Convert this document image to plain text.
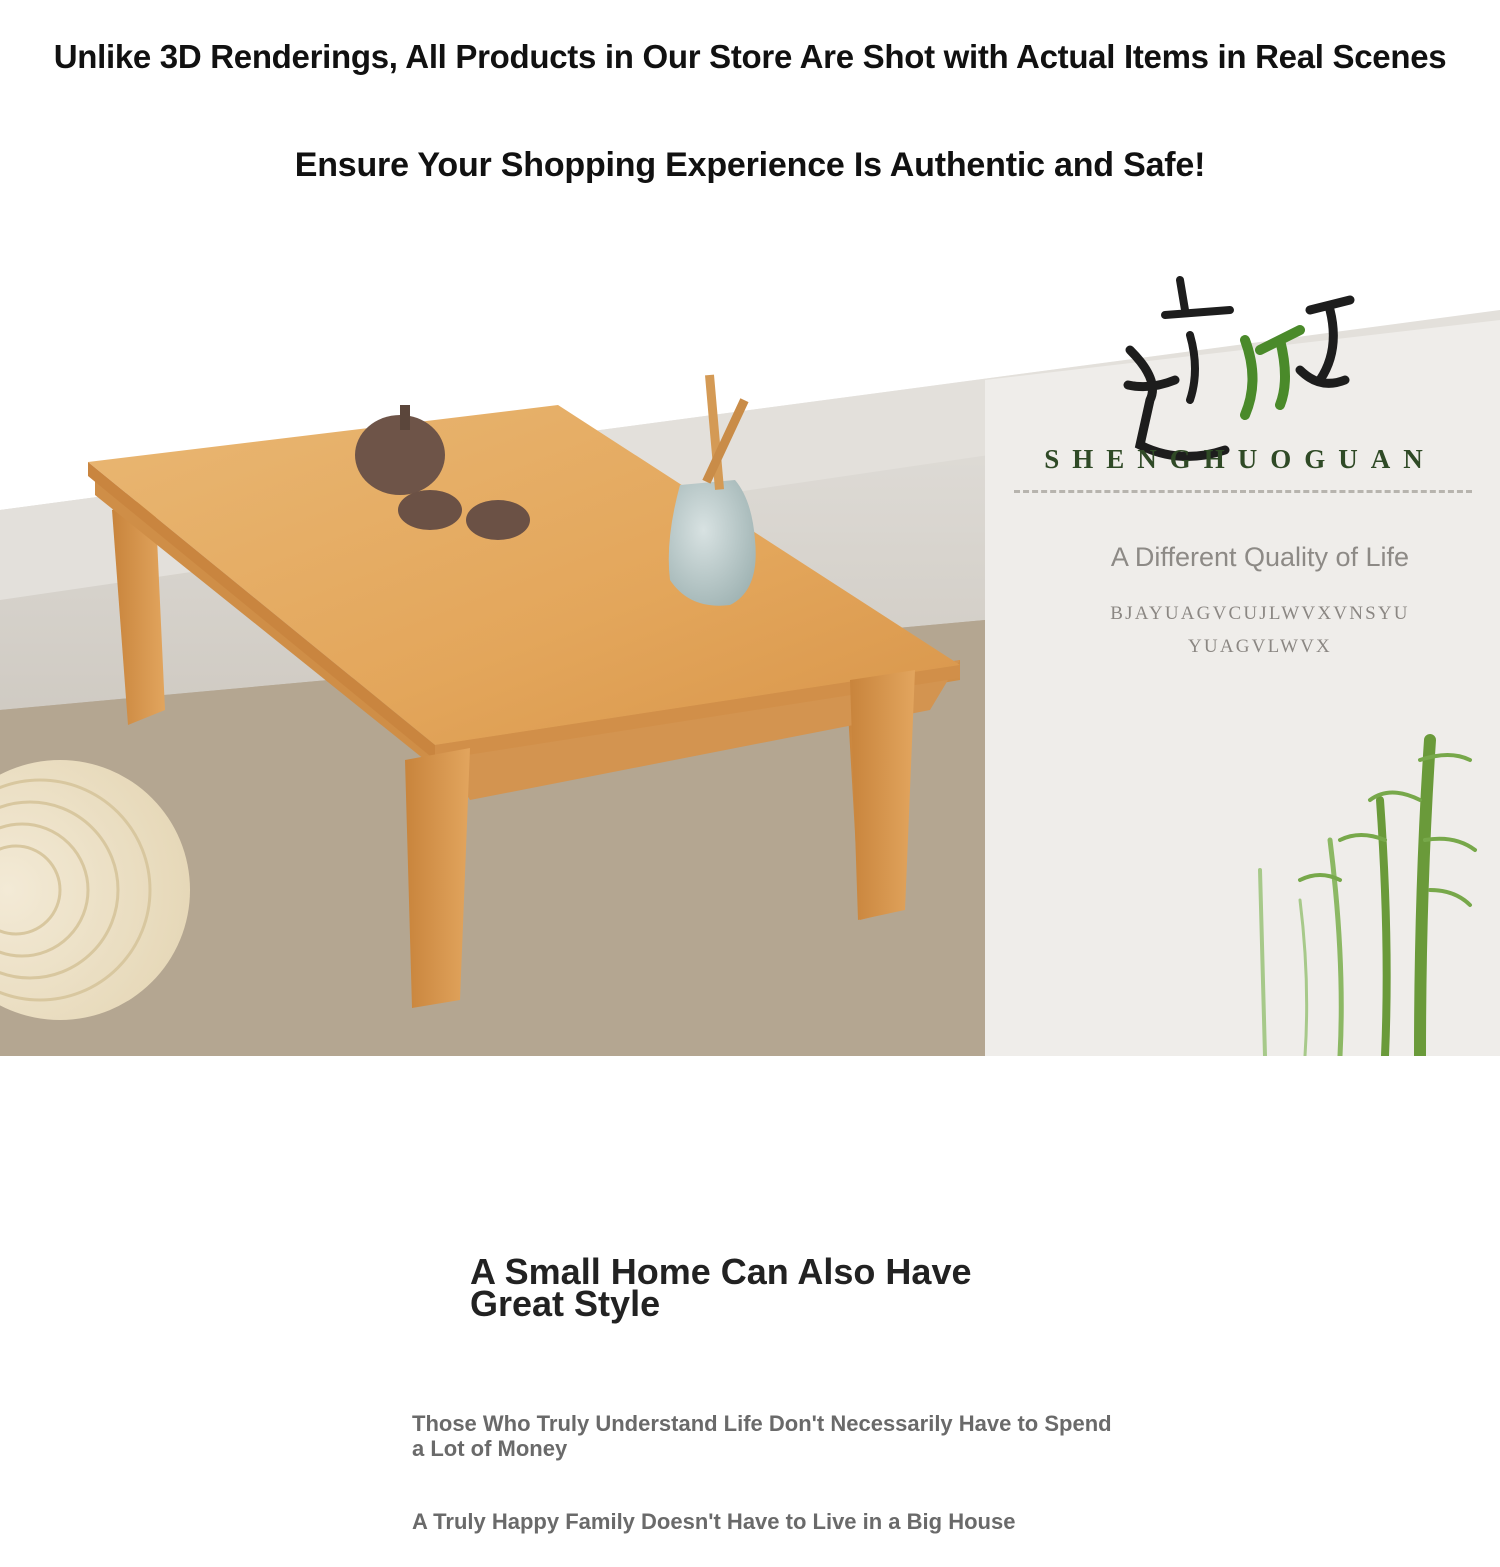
Unlike 3D Renderings, All Products in Our Store Are Shot with Actual Items in Real Scenes
Ensure Your Shopping Experience Is Authentic and Safe!
SHENGHUOGUAN
A Different Quality of Life
BJAYUAGVCUJLWVXVNSYU
YUAGVLWVX
A Small Home Can Also Have Great Style

Those Who Truly Understand Life Don't Necessarily Have to Spend a Lot of Money

A Truly Happy Family Doesn't Have to Live in a Big House
